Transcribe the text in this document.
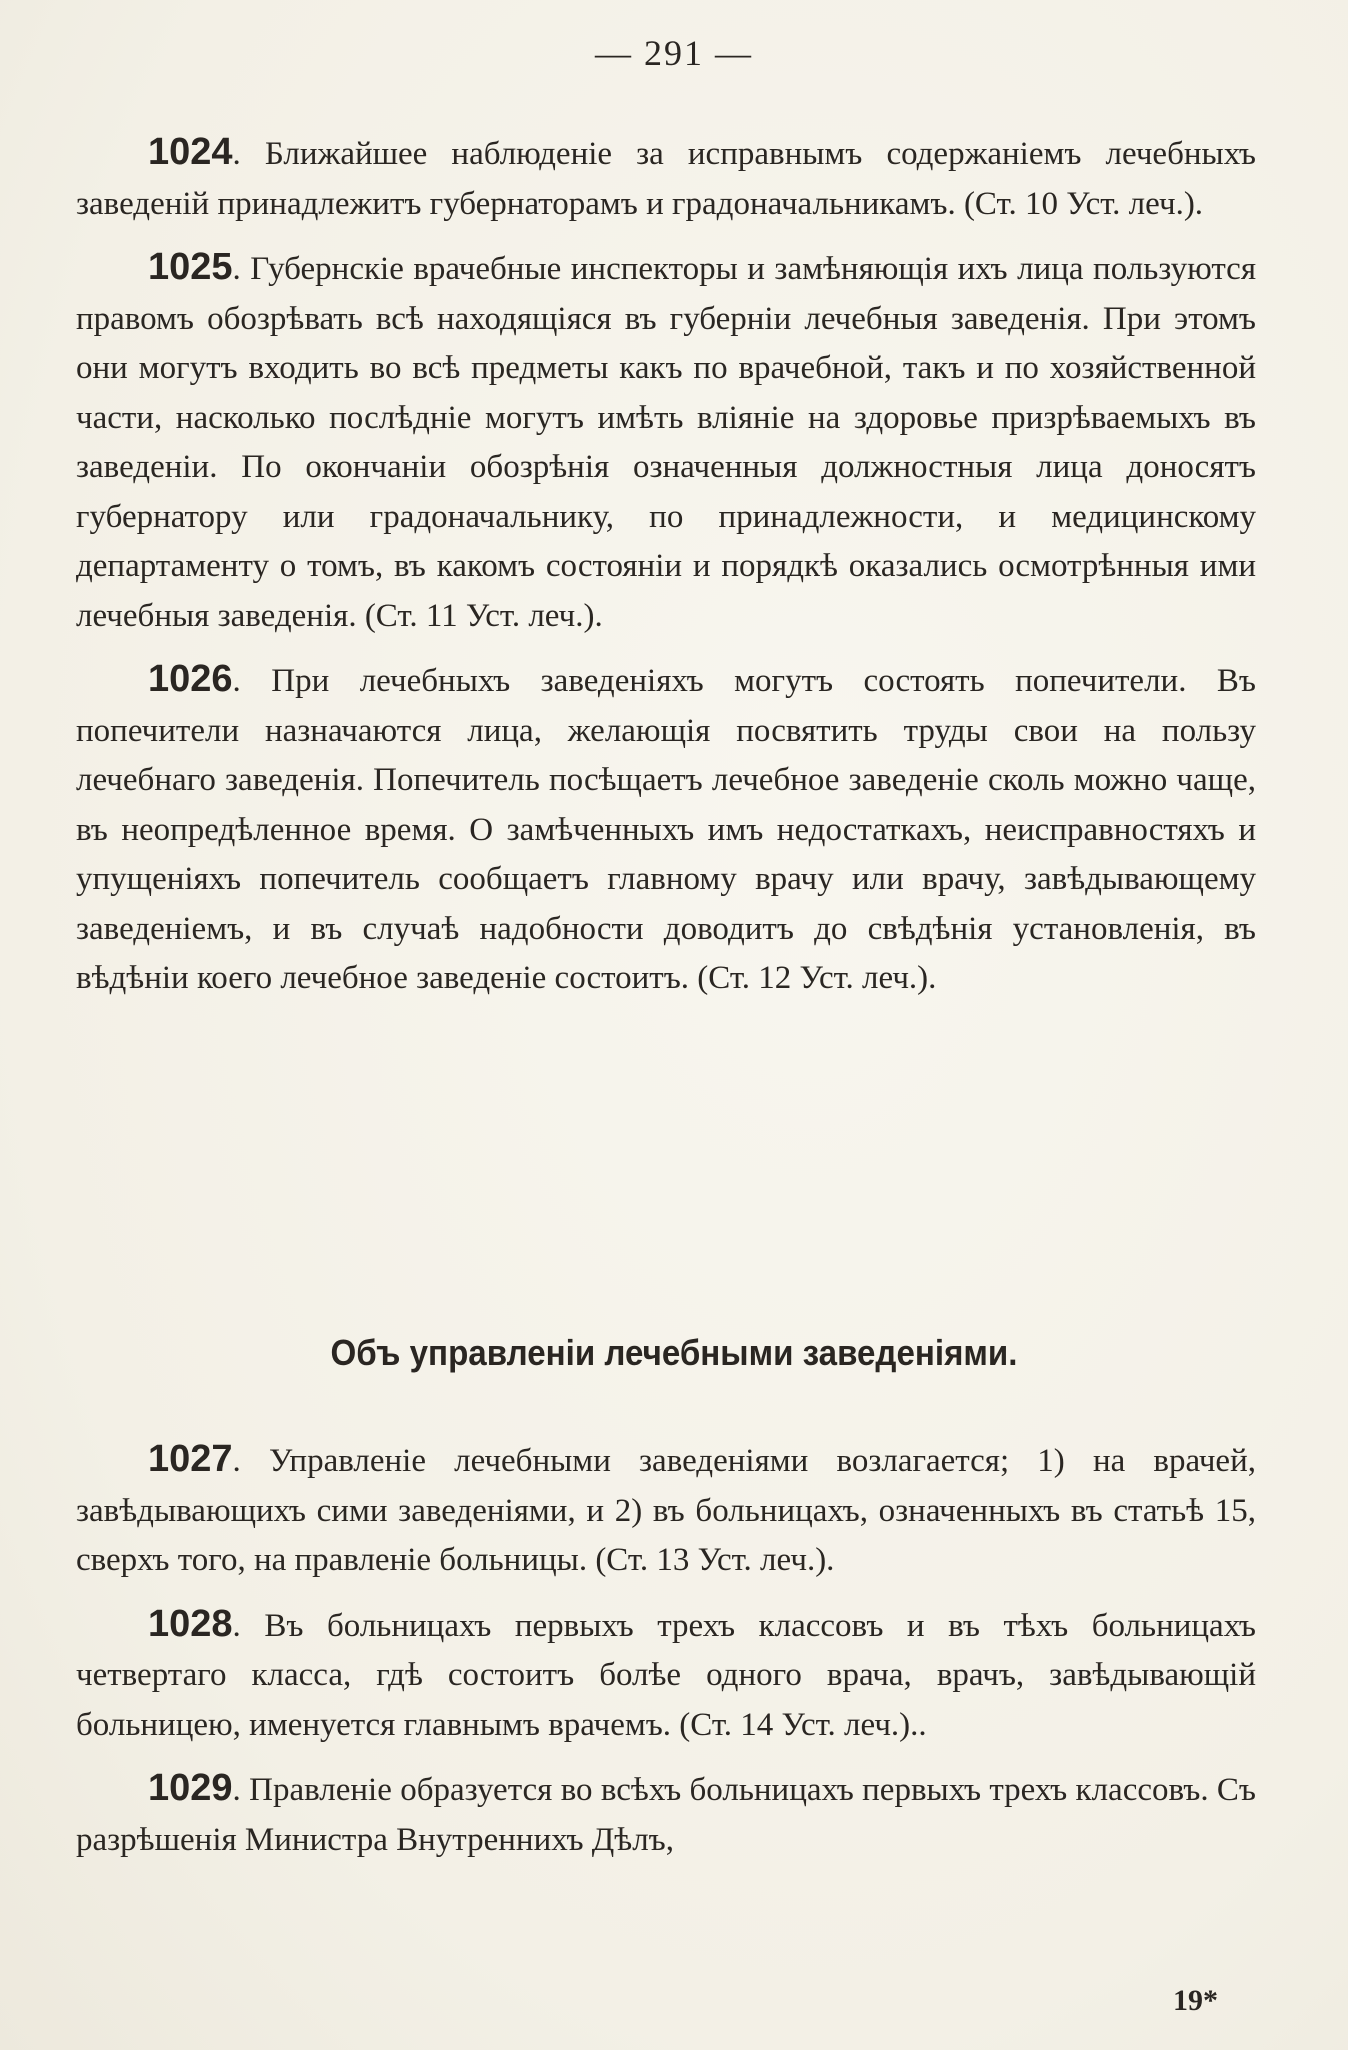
— 291 —

1024. Ближайшее наблюденіе за исправнымъ содержаніемъ лечебныхъ заведеній принадлежитъ губернаторамъ и градоначальникамъ. (Ст. 10 Уст. леч.).

1025. Губернскіе врачебные инспекторы и замѣняющія ихъ лица пользуются правомъ обозрѣвать всѣ находящіяся въ губерніи лечебныя заведенія. При этомъ они могутъ входить во всѣ предметы какъ по врачебной, такъ и по хозяйственной части, насколько послѣдніе могутъ имѣть вліяніе на здоровье призрѣваемыхъ въ заведеніи. По окончаніи обозрѣнія означенныя должностныя лица доносятъ губернатору или градоначальнику, по принадлежности, и медицинскому департаменту о томъ, въ какомъ состояніи и порядкѣ оказались осмотрѣнныя ими лечебныя заведенія. (Ст. 11 Уст. леч.).

1026. При лечебныхъ заведеніяхъ могутъ состоять попечители. Въ попечители назначаются лица, желающія посвятить труды свои на пользу лечебнаго заведенія. Попечитель посѣщаетъ лечебное заведеніе сколь можно чаще, въ неопредѣленное время. О замѣченныхъ имъ недостаткахъ, неисправностяхъ и упущеніяхъ попечитель сообщаетъ главному врачу или врачу, завѣдывающему заведеніемъ, и въ случаѣ надобности доводитъ до свѣдѣнія установленія, въ вѣдѣніи коего лечебное заведеніе состоитъ. (Ст. 12 Уст. леч.).

Объ управленіи лечебными заведеніями.

1027. Управленіе лечебными заведеніями возлагается; 1) на врачей, завѣдывающихъ сими заведеніями, и 2) въ больницахъ, означенныхъ въ статьѣ 15, сверхъ того, на правленіе больницы. (Ст. 13 Уст. леч.).

1028. Въ больницахъ первыхъ трехъ классовъ и въ тѣхъ больницахъ четвертаго класса, гдѣ состоитъ болѣе одного врача, врачъ, завѣдывающій больницею, именуется главнымъ врачемъ. (Ст. 14 Уст. леч.)..

1029. Правленіе образуется во всѣхъ больницахъ первыхъ трехъ классовъ. Съ разрѣшенія Министра Внутреннихъ Дѣлъ,

19*
